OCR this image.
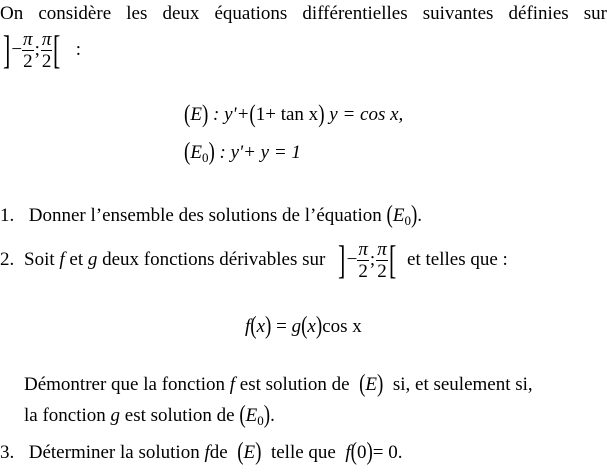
On considère les deux équations différentielles suivantes définies sur
] − $\frac{\pi}{2}$ ; $\frac{\pi}{2}$ [ :
(E) : y'+(1+ tan x) y = cos x,
$(E_0)$ : y'+ y = 1
1. Donner l’ensemble des solutions de l’équation $(E_0)$.
2. Soit
f
et
g
deux fonctions dérivables sur ] − $\frac{\pi}{2}$ ; $\frac{\pi}{2}$ [ et telles que :
f(x) = g(x)cos x
Démontrer que la fonction f est solution de (E) si, et seulement si,
la fonction g est solution de $(E_0)$.
3. Déterminer la solution fde (E) telle que f(0)= 0.
